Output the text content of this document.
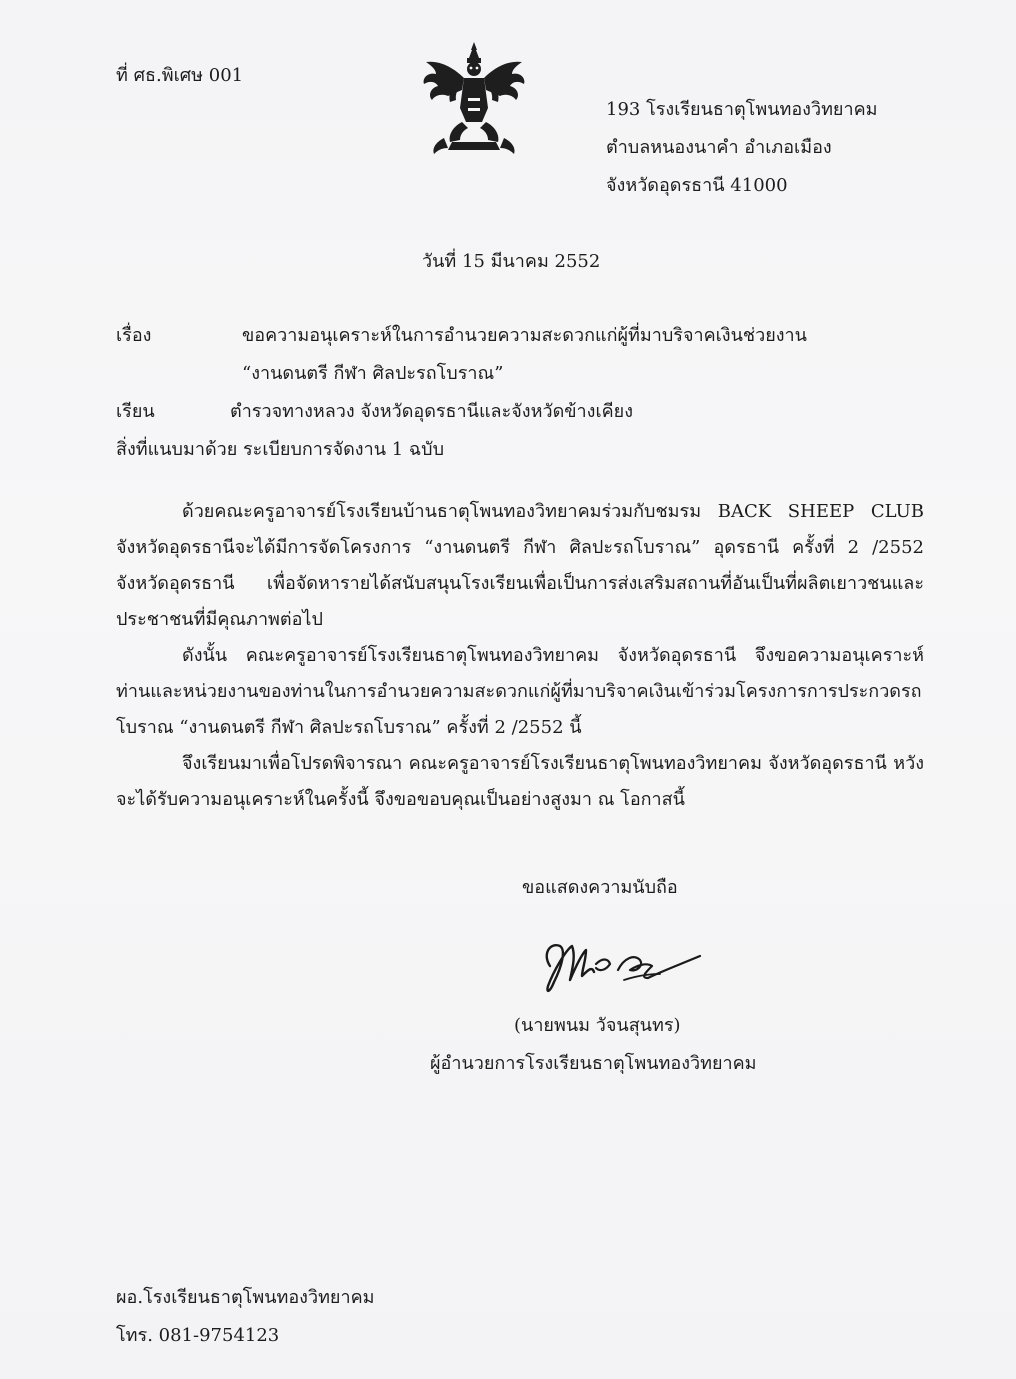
ที่ ศธ.พิเศษ 001
193 โรงเรียนธาตุโพนทองวิทยาคม
ตำบลหนองนาคำ อำเภอเมือง
จังหวัดอุดรธานี 41000
วันที่ 15 มีนาคม 2552
เรื่อง	ขอความอนุเคราะห์ในการอำนวยความสะดวกแก่ผู้ที่มาบริจาคเงินช่วยงาน
“งานดนตรี กีฬา ศิลปะรถโบราณ”
เรียน	ตำรวจทางหลวง จังหวัดอุดรธานีและจังหวัดข้างเคียง
สิ่งที่แนบมาด้วย ระเบียบการจัดงาน 1 ฉบับ

ด้วยคณะครูอาจารย์โรงเรียนบ้านธาตุโพนทองวิทยาคมร่วมกับชมรม BACK SHEEP CLUB จังหวัดอุดรธานีจะได้มีการจัดโครงการ “งานดนตรี กีฬา ศิลปะรถโบราณ” อุดรธานี ครั้งที่ 2 /2552 จังหวัดอุดรธานี เพื่อจัดหารายได้สนับสนุนโรงเรียนเพื่อเป็นการส่งเสริมสถานที่อันเป็นที่ผลิตเยาวชนและประชาชนที่มีคุณภาพต่อไป

ดังนั้น คณะครูอาจารย์โรงเรียนธาตุโพนทองวิทยาคม จังหวัดอุดรธานี จึงขอความอนุเคราะห์ ท่านและหน่วยงานของท่านในการอำนวยความสะดวกแก่ผู้ที่มาบริจาคเงินเข้าร่วมโครงการการประกวดรถโบราณ “งานดนตรี กีฬา ศิลปะรถโบราณ” ครั้งที่ 2 /2552 นี้

จึงเรียนมาเพื่อโปรดพิจารณา คณะครูอาจารย์โรงเรียนธาตุโพนทองวิทยาคม จังหวัดอุดรธานี หวังจะได้รับความอนุเคราะห์ในครั้งนี้ จึงขอขอบคุณเป็นอย่างสูงมา ณ โอกาสนี้

ขอแสดงความนับถือ
(นายพนม วัจนสุนทร)
ผู้อำนวยการโรงเรียนธาตุโพนทองวิทยาคม
ผอ.โรงเรียนธาตุโพนทองวิทยาคม
โทร. 081-9754123
